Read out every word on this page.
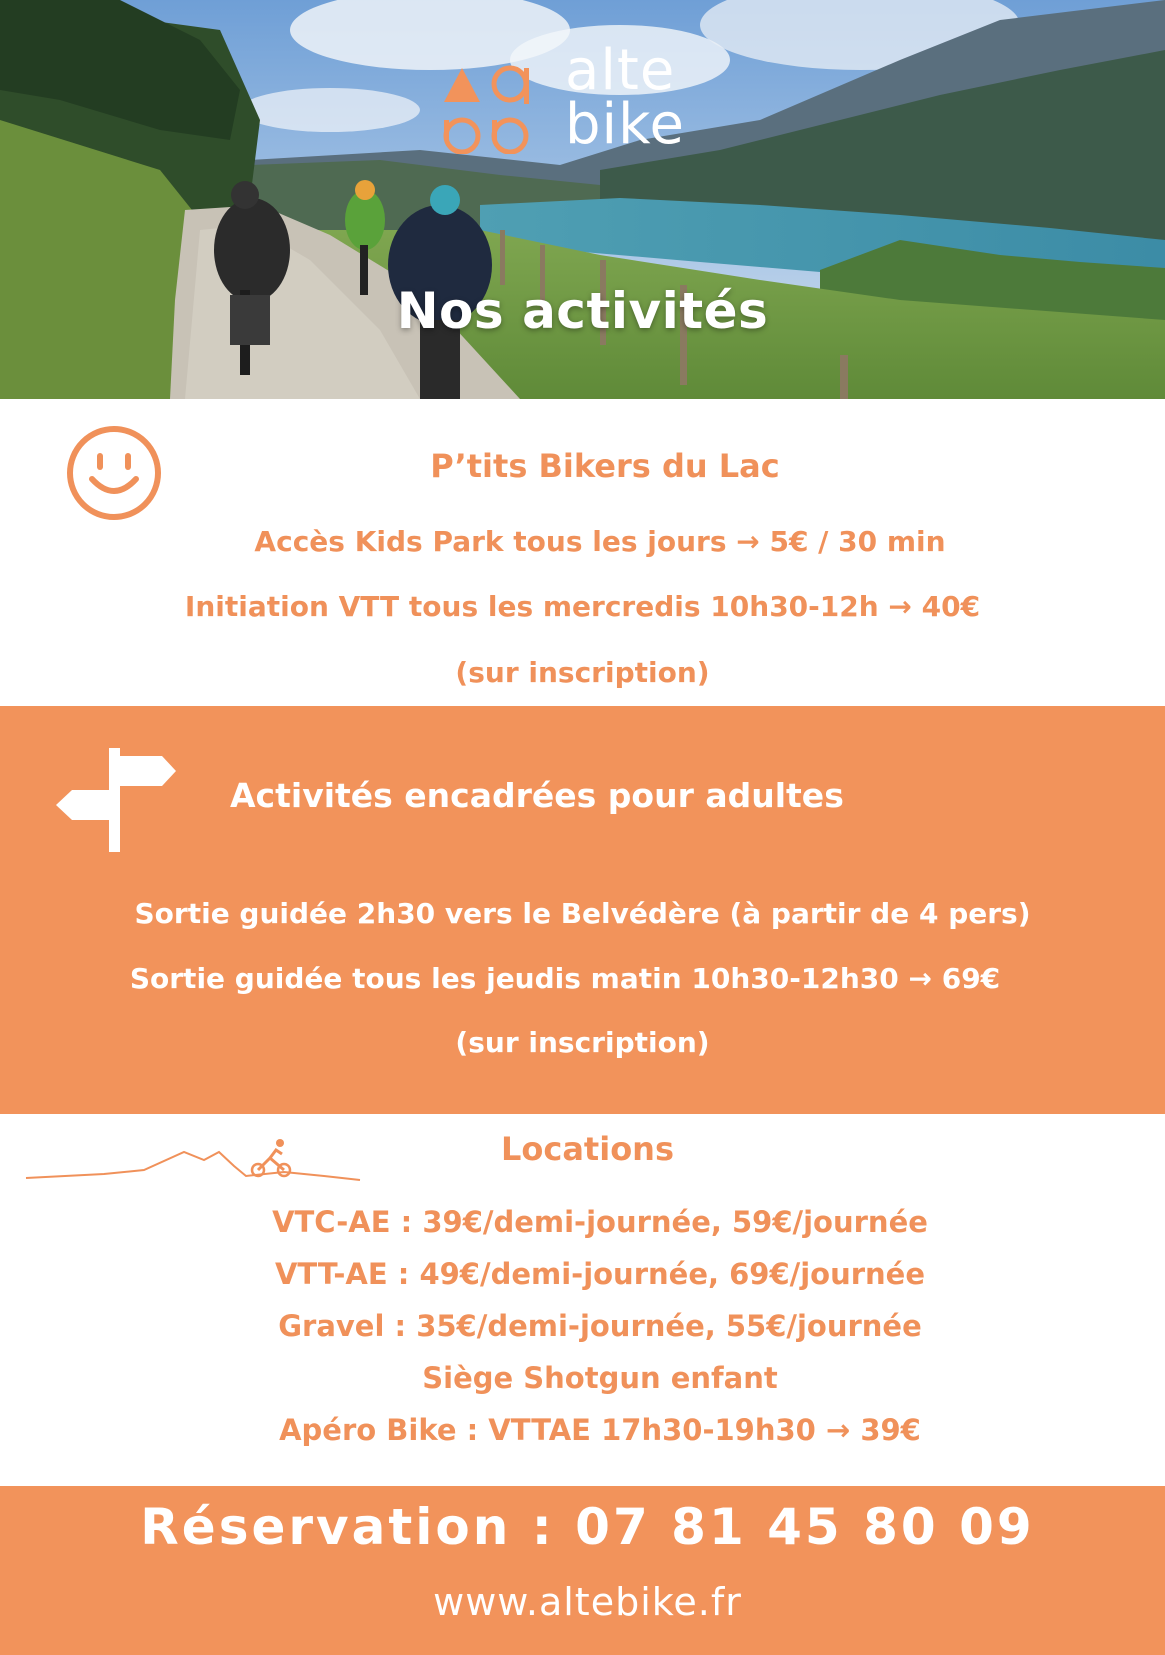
alte
bike
Nos activités
P’tits Bikers du Lac
Accès Kids Park tous les jours → 5€ / 30 min
Initiation VTT tous les mercredis 10h30-12h → 40€
(sur inscription)
Activités encadrées pour adultes
Sortie guidée 2h30 vers le Belvédère (à partir de 4 pers)
Sortie guidée tous les jeudis matin 10h30-12h30 → 69€
(sur inscription)
Locations
VTC-AE : 39€/demi-journée, 59€/journée
VTT-AE : 49€/demi-journée, 69€/journée
Gravel : 35€/demi-journée, 55€/journée
Siège Shotgun enfant
Apéro Bike : VTTAE 17h30-19h30 → 39€
Réservation : 07 81 45 80 09
www.altebike.fr
